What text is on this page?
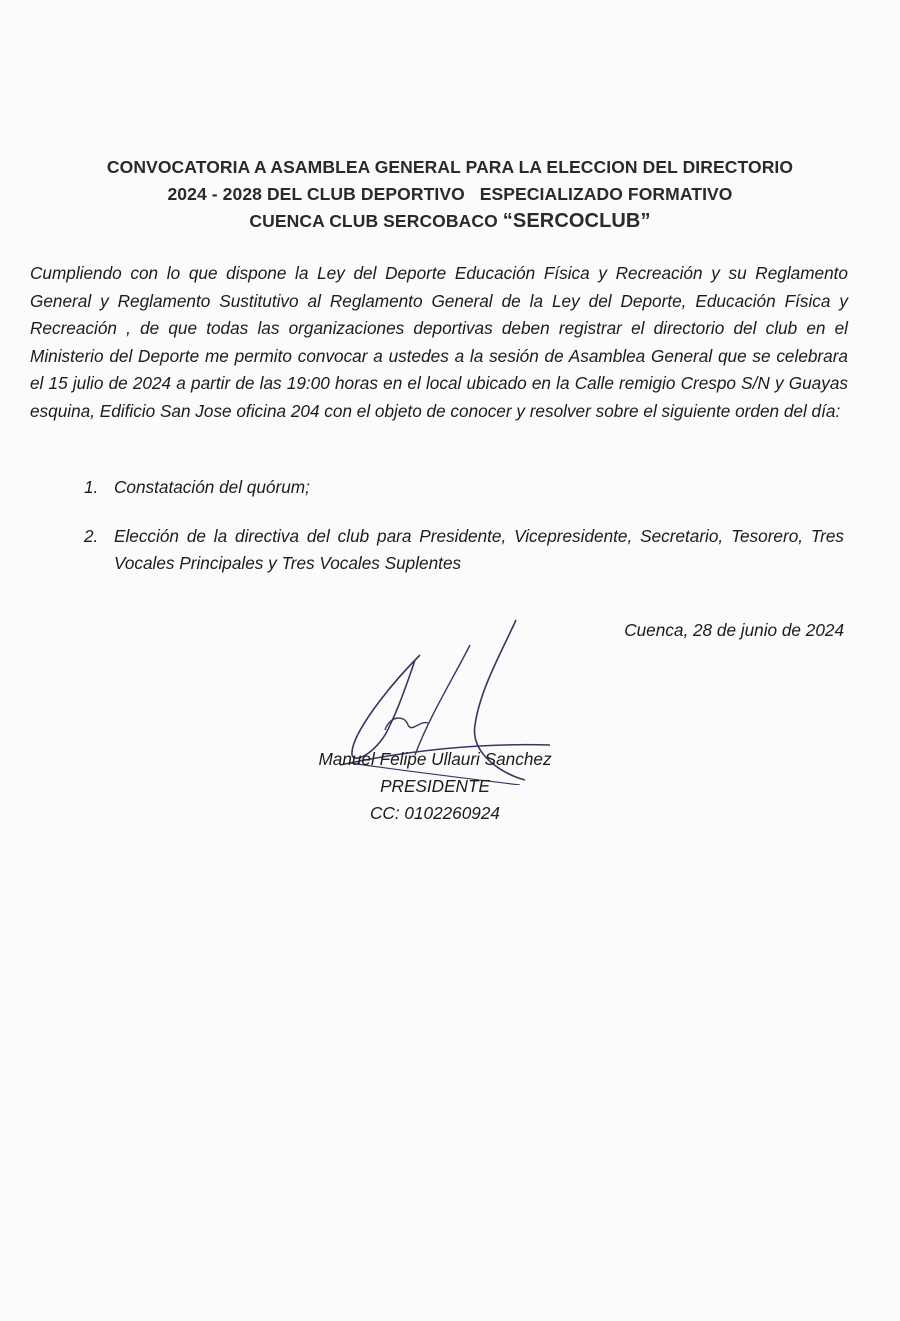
CONVOCATORIA A ASAMBLEA GENERAL PARA LA ELECCION DEL DIRECTORIO
2024 - 2028 DEL CLUB DEPORTIVO   ESPECIALIZADO FORMATIVO
CUENCA CLUB SERCOBACO “SERCOCLUB”
Cumpliendo con lo que dispone la Ley del Deporte Educación Física y Recreación y su Reglamento General y Reglamento Sustitutivo al Reglamento General de la Ley del Deporte, Educación Física y Recreación , de que todas las organizaciones deportivas deben registrar el directorio del club en el Ministerio del Deporte me permito convocar a ustedes a la sesión de Asamblea General que se celebrara el 15 julio de 2024 a partir de las 19:00 horas en el local ubicado en la Calle remigio Crespo S/N y Guayas esquina, Edificio San Jose oficina 204 con el objeto de conocer y resolver sobre el siguiente orden del día:
1. Constatación del quórum;
2. Elección de la directiva del club para Presidente, Vicepresidente, Secretario, Tesorero, Tres Vocales Principales y Tres Vocales Suplentes
Cuenca, 28 de junio de 2024
Manuel Felipe Ullauri Sanchez
PRESIDENTE
CC: 0102260924
